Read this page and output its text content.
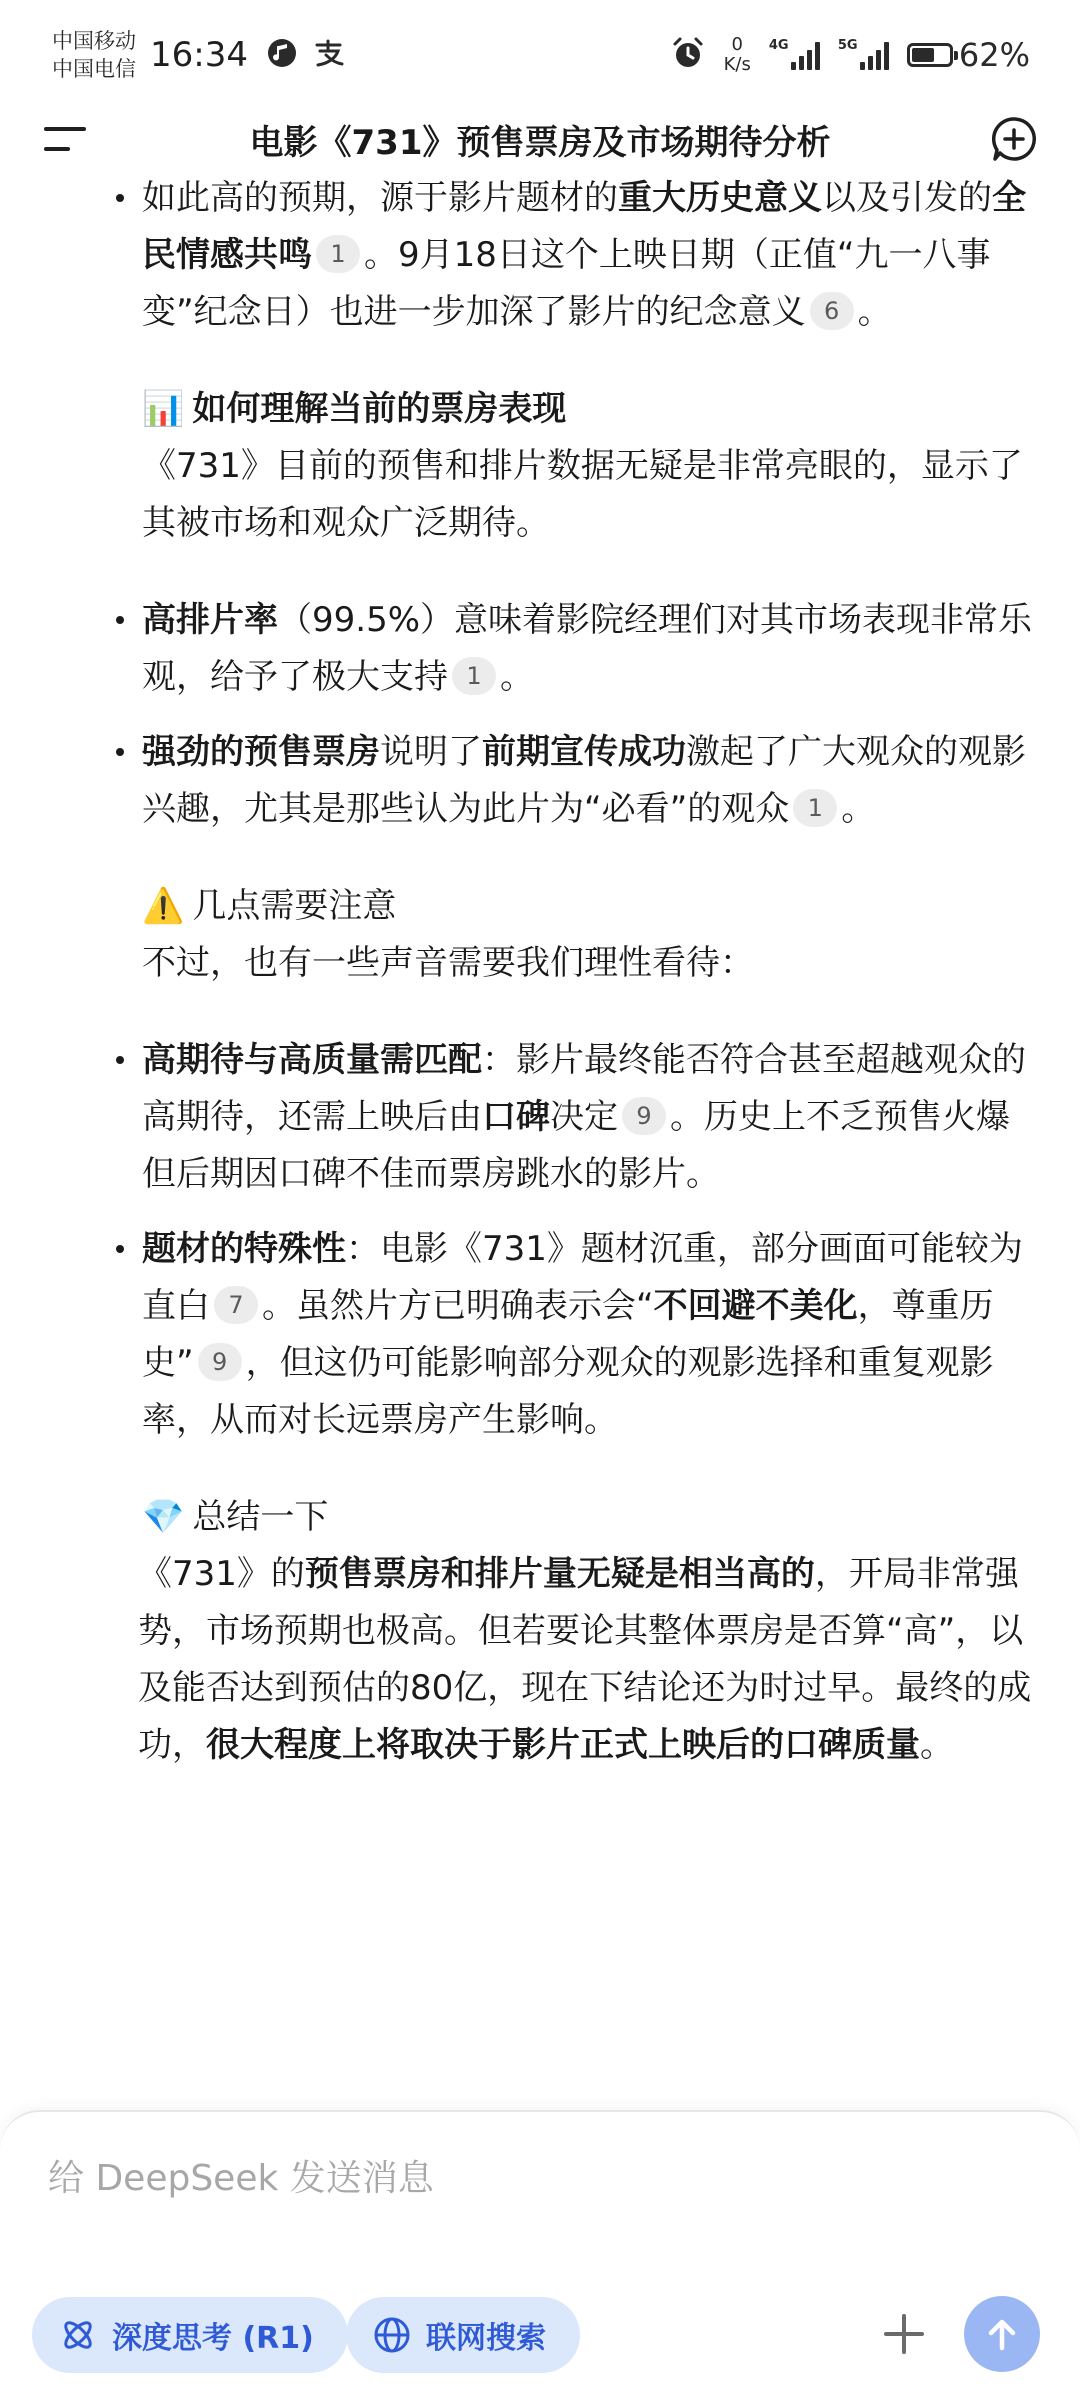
中国移动
中国电信 16:34	0
K/s
4G	5G	62%
电影《731》预售票房及市场期待分析
如此高的预期，源于影片题材的重大历史意义以及引发的全民情感共鸣 1 。9月18日这个上映日期（正值“九一八事变”纪念日）也进一步加深了影片的纪念意义 6 。
📊 如何理解当前的票房表现
《731》目前的预售和排片数据无疑是非常亮眼的，显示了其被市场和观众广泛期待。
高排片率（99.5%）意味着影院经理们对其市场表现非常乐观，给予了极大支持 1 。
强劲的预售票房说明了前期宣传成功激起了广大观众的观影兴趣，尤其是那些认为此片为“必看”的观众 1 。
⚠️ 几点需要注意
不过，也有一些声音需要我们理性看待：
高期待与高质量需匹配：影片最终能否符合甚至超越观众的高期待，还需上映后由口碑决定 9 。历史上不乏预售火爆但后期因口碑不佳而票房跳水的影片。
题材的特殊性：电影《731》题材沉重，部分画面可能较为直白 7 。虽然片方已明确表示会“不回避不美化，尊重历史” 9 ，但这仍可能影响部分观众的观影选择和重复观影率，从而对长远票房产生影响。
💎 总结一下
《731》的预售票房和排片量无疑是相当高的，开局非常强势，市场预期也极高。但若要论其整体票房是否算“高”，以及能否达到预估的80亿，现在下结论还为时过早。最终的成功，很大程度上将取决于影片正式上映后的口碑质量。
给 DeepSeek 发送消息
深度思考 (R1)	联网搜索
